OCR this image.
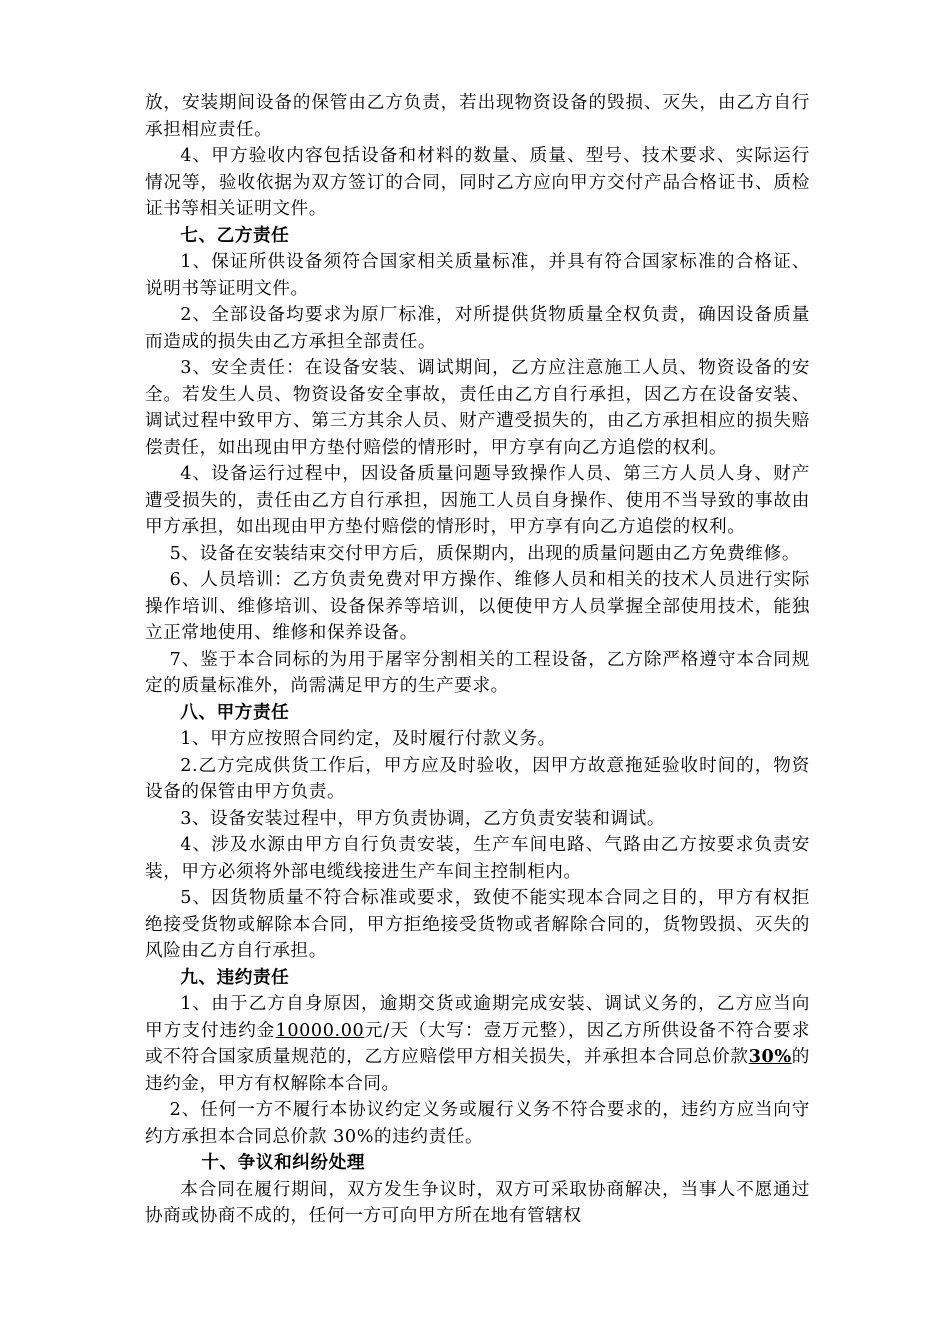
放，安装期间设备的保管由乙方负责，若出现物资设备的毁损、灭失，由乙方自行承担相应责任。

4、甲方验收内容包括设备和材料的数量、质量、型号、技术要求、实际运行情况等，验收依据为双方签订的合同，同时乙方应向甲方交付产品合格证书、质检证书等相关证明文件。

七、乙方责任

1、保证所供设备须符合国家相关质量标准，并具有符合国家标准的合格证、说明书等证明文件。

2、全部设备均要求为原厂标准，对所提供货物质量全权负责，确因设备质量而造成的损失由乙方承担全部责任。

3、安全责任：在设备安装、调试期间，乙方应注意施工人员、物资设备的安全。若发生人员、物资设备安全事故，责任由乙方自行承担，因乙方在设备安装、调试过程中致甲方、第三方其余人员、财产遭受损失的，由乙方承担相应的损失赔偿责任，如出现由甲方垫付赔偿的情形时，甲方享有向乙方追偿的权利。

4、设备运行过程中，因设备质量问题导致操作人员、第三方人员人身、财产遭受损失的，责任由乙方自行承担，因施工人员自身操作、使用不当导致的事故由甲方承担，如出现由甲方垫付赔偿的情形时，甲方享有向乙方追偿的权利。

5、设备在安装结束交付甲方后，质保期内，出现的质量问题由乙方免费维修。

6、人员培训：乙方负责免费对甲方操作、维修人员和相关的技术人员进行实际操作培训、维修培训、设备保养等培训，以便使甲方人员掌握全部使用技术，能独立正常地使用、维修和保养设备。

7、鉴于本合同标的为用于屠宰分割相关的工程设备，乙方除严格遵守本合同规定的质量标准外，尚需满足甲方的生产要求。

八、甲方责任

1、甲方应按照合同约定，及时履行付款义务。

2.乙方完成供货工作后，甲方应及时验收，因甲方故意拖延验收时间的，物资设备的保管由甲方负责。

3、设备安装过程中，甲方负责协调，乙方负责安装和调试。

4、涉及水源由甲方自行负责安装，生产车间电路、气路由乙方按要求负责安装，甲方必须将外部电缆线接进生产车间主控制柜内。

5、因货物质量不符合标准或要求，致使不能实现本合同之目的，甲方有权拒绝接受货物或解除本合同，甲方拒绝接受货物或者解除合同的，货物毁损、灭失的风险由乙方自行承担。

九、违约责任

1、由于乙方自身原因，逾期交货或逾期完成安装、调试义务的，乙方应当向甲方支付违约金10000.00元/天（大写：壹万元整），因乙方所供设备不符合要求或不符合国家质量规范的，乙方应赔偿甲方相关损失，并承担本合同总价款30%的违约金，甲方有权解除本合同。

2、任何一方不履行本协议约定义务或履行义务不符合要求的，违约方应当向守约方承担本合同总价款 30%的违约责任。

十、争议和纠纷处理

本合同在履行期间，双方发生争议时，双方可采取协商解决，当事人不愿通过协商或协商不成的，任何一方可向甲方所在地有管辖权
